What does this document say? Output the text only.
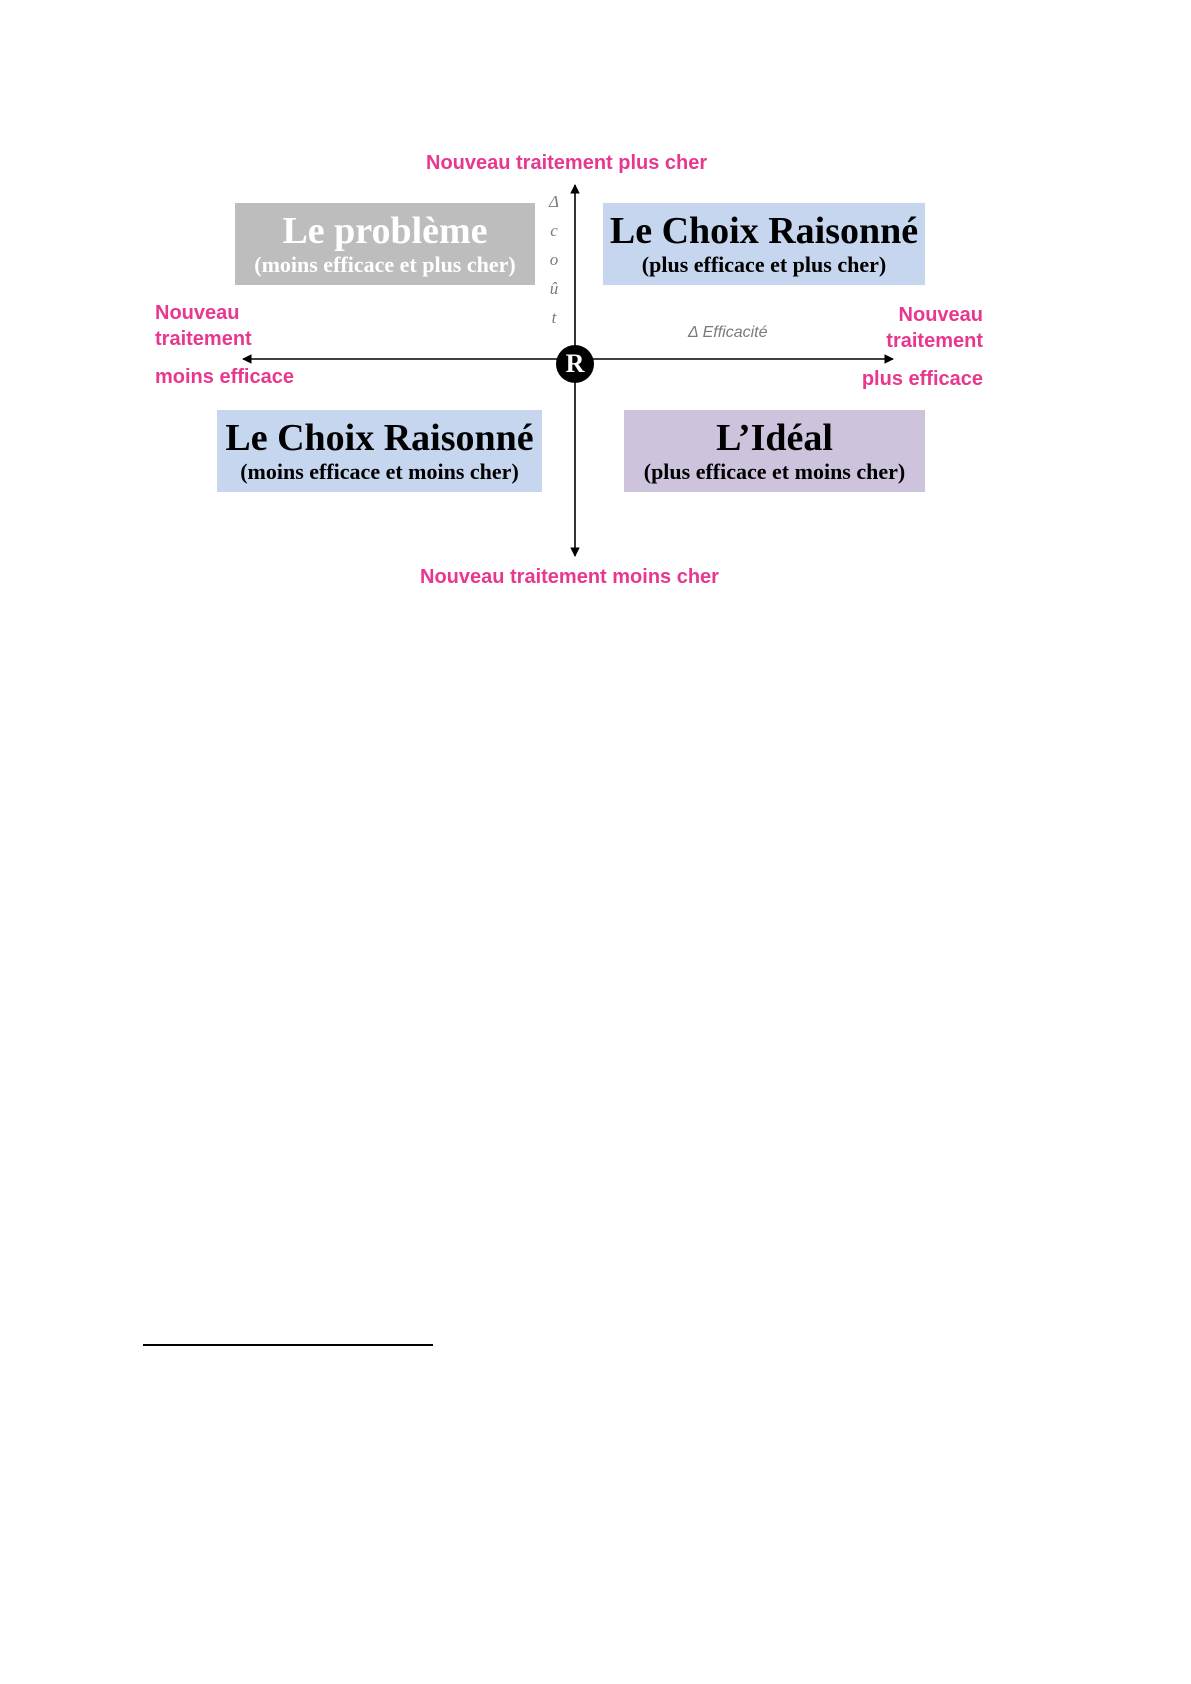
Nouveau traitement plus cher
Nouveau traitement moins cher
Nouveau
traitement
moins efficace
Nouveau
traitement
plus efficace
Δ
c
o
û
t
Δ Efficacité
Le problème
(moins efficace et plus cher)
Le Choix Raisonné
(plus efficace et plus cher)
Le Choix Raisonné
(moins efficace et moins cher)
L’Idéal
(plus efficace et moins cher)
R
